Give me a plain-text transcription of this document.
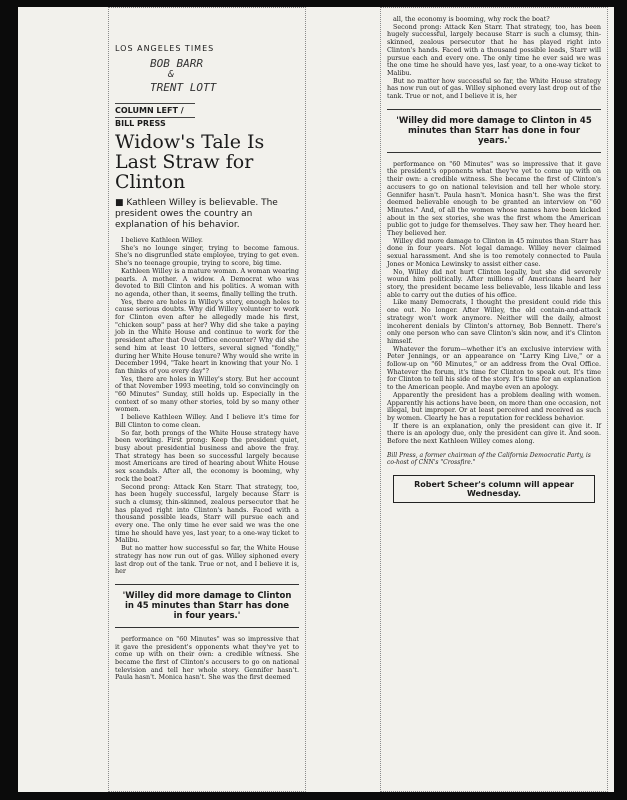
BOB BARR
&
TRENT LOTT
LOS ANGELES TIMES
COLUMN LEFT /
BILL PRESS
Widow's Tale Is Last Straw for Clinton
■ Kathleen Willey is believable. The president owes the country an explanation of his behavior.

I believe Kathleen Willey.

She's no lounge singer, trying to become famous. She's no disgruntled state employee, trying to get even. She's no teenage groupie, trying to score, big time.

Kathleen Willey is a mature woman. A woman wearing pearls. A mother. A widow. A Democrat who was devoted to Bill Clinton and his politics. A woman with no agenda, other than, it seems, finally telling the truth.

Yes, there are holes in Willey's story, enough holes to cause serious doubts. Why did Willey volunteer to work for Clinton even after he allegedly made his first, "chicken soup" pass at her? Why did she take a paying job in the White House and continue to work for the president after that Oval Office encounter? Why did she send him at least 10 letters, several signed "fondly," during her White House tenure? Why would she write in December 1994, "Take heart in knowing that your No. 1 fan thinks of you every day"?

Yes, there are holes in Willey's story. But her account of that November 1993 meeting, told so convincingly on "60 Minutes" Sunday, still holds up. Especially in the context of so many other stories, told by so many other women.

I believe Kathleen Willey. And I believe it's time for Bill Clinton to come clean.

So far, both prongs of the White House strategy have been working. First prong: Keep the president quiet, busy about presidential business and above the fray. That strategy has been so successful largely because most Americans are tired of hearing about White House sex scandals. After all, the economy is booming, why rock the boat?

Second prong: Attack Ken Starr. That strategy, too, has been hugely successful, largely because Starr is such a clumsy, thin-skinned, zealous persecutor that he has played right into Clinton's hands. Faced with a thousand possible leads, Starr will pursue each and every one. The only time he ever said we was the one time he should have yes, last year, to a one-way ticket to Malibu.

But no matter how successful so far, the White House strategy has now run out of gas. Willey siphoned every last drop out of the tank. True or not, and I believe it is, her

'Willey did more damage to Clinton in 45 minutes than Starr has done in four years.'

performance on "60 Minutes" was so impressive that it gave the president's opponents what they've yet to come up with on their own: a credible witness. She became the first of Clinton's accusers to go on national television and tell her whole story. Gennifer hasn't. Paula hasn't. Monica hasn't. She was the first deemed

all, the economy is booming, why rock the boat?

Second prong: Attack Ken Starr. That strategy, too, has been hugely successful, largely because Starr is such a clumsy, thin-skinned, zealous persecutor that he has played right into Clinton's hands. Faced with a thousand possible leads, Starr will pursue each and every one. The only time he ever said we was the one time he should have yes, last year, to a one-way ticket to Malibu.

But no matter how successful so far, the White House strategy has now run out of gas. Willey siphoned every last drop out of the tank. True or not, and I believe it is, her

'Willey did more damage to Clinton in 45 minutes than Starr has done in four years.'

performance on "60 Minutes" was so impressive that it gave the president's opponents what they've yet to come up with on their own: a credible witness. She became the first of Clinton's accusers to go on national television and tell her whole story. Gennifer hasn't. Paula hasn't. Monica hasn't. She was the first deemed believable enough to be granted an interview on "60 Minutes." And, of all the women whose names have been kicked about in the sex stories, she was the first whom the American public got to judge for themselves. They saw her. They heard her. They believed her.

Willey did more damage to Clinton in 45 minutes than Starr has done in four years. Not legal damage. Willey never claimed sexual harassment. And she is too remotely connected to Paula Jones or Monica Lewinsky to assist either case.

No, Willey did not hurt Clinton legally, but she did severely wound him politically. After millions of Americans heard her story, the president became less believable, less likable and less able to carry out the duties of his office.

Like many Democrats, I thought the president could ride this one out. No longer. After Willey, the old contain-and-attack strategy won't work anymore. Neither will the daily, almost incoherent denials by Clinton's attorney, Bob Bennett. There's only one person who can save Clinton's skin now, and it's Clinton himself.

Whatever the forum—whether it's an exclusive interview with Peter Jennings, or an appearance on "Larry King Live," or a follow-up on "60 Minutes," or an address from the Oval Office. Whatever the forum, it's time for Clinton to speak out. It's time for Clinton to tell his side of the story. It's time for an explanation to the American people. And maybe even an apology.

Apparently the president has a problem dealing with women. Apparently his actions have been, on more than one occasion, not illegal, but improper. Or at least perceived and received as such by women. Clearly he has a reputation for reckless behavior.

If there is an explanation, only the president can give it. If there is an apology due, only the president can give it. And soon. Before the next Kathleen Willey comes along.

Bill Press, a former chairman of the California Democratic Party, is co-host of CNN's "Crossfire."
Robert Scheer's column will appear Wednesday.
